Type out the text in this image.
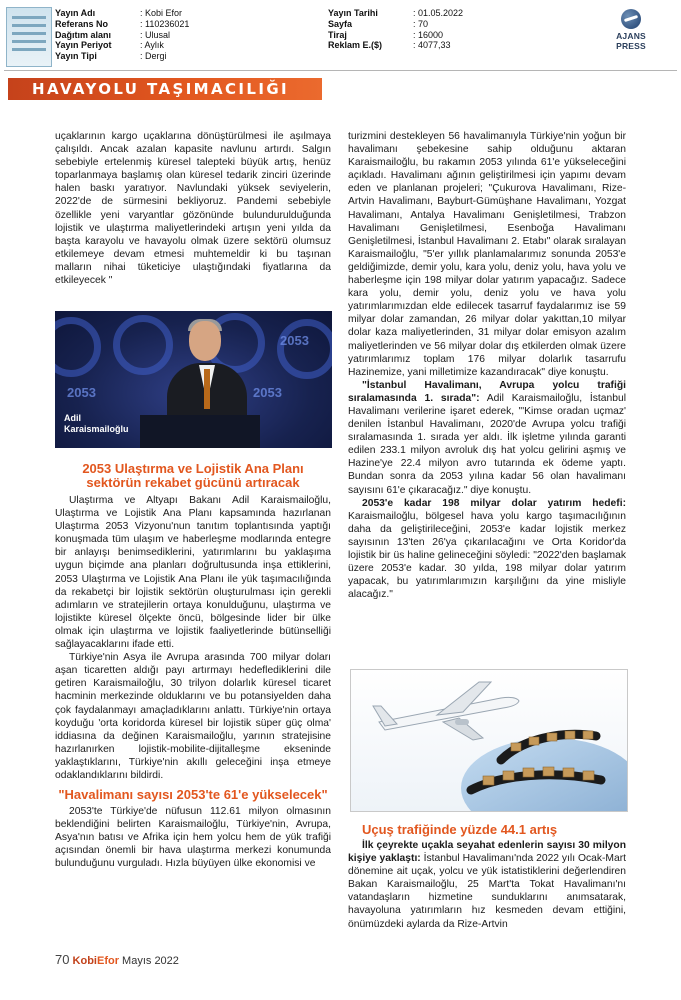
Yayın Adı	: Kobi Efor
Referans No	: 110236021
Dağıtım alanı	: Ulusal
Yayın Periyot	: Aylık
Yayın Tipi	: Dergi
Yayın Tarihi	: 01.05.2022
Sayfa	: 70
Tiraj	: 16000
Reklam E.($)	: 4077,33
AJANS PRESS
HAVAYOLU TAŞIMACILIĞI

uçaklarının kargo uçaklarına dönüştürülmesi ile aşılmaya çalışıldı. Ancak azalan kapasite navlunu artırdı. Salgın sebebiyle ertelenmiş küresel talepteki büyük artış, henüz toparlanmaya başlamış olan küresel tedarik zinciri üzerinde halen baskı yaratıyor. Navlundaki yüksek seviyelerin, 2022'de de sürmesini bekliyoruz. Pandemi sebebiyle özellikle yeni varyantlar gözönünde bulundurulduğunda lojistik ve ulaştırma maliyetlerindeki artışın yeni yılda da başta karayolu ve havayolu olmak üzere sektörü olumsuz etkilemeye devam etmesi muhtemeldir ki bu taşınan malların nihai tüketiciye ulaştığındaki fiyatlarına da etkileyecek "

2053	2053
2053
Adil
Karaismailoğlu
2053 Ulaştırma ve Lojistik Ana Planı sektörün rekabet gücünü artıracak

Ulaştırma ve Altyapı Bakanı Adil Karaismailoğlu, Ulaştırma ve Lojistik Ana Planı kapsamında hazırlanan Ulaştırma 2053 Vizyonu'nun tanıtım toplantısında yaptığı konuşmada tüm ulaşım ve haberleşme modlarında entegre bir anlayışı benimsediklerini, yatırımlarını bu yaklaşıma uygun biçimde ana planları doğrultusunda inşa ettiklerini, 2053 Ulaştırma ve Lojistik Ana Planı ile yük taşımacılığında da rekabetçi bir lojistik sektörün oluşturulması için gerekli adımların ve stratejilerin ortaya konulduğunu, ulaştırma ve lojistikte küresel ölçekte öncü, bölgesinde lider bir ülke olmak için ulaştırma ve lojistik faaliyetlerinde bütünselliği sağlayacaklarını ifade etti.

Türkiye'nin Asya ile Avrupa arasında 700 milyar doları aşan ticaretten aldığı payı artırmayı hedeflediklerini dile getiren Karaismailoğlu, 30 trilyon dolarlık küresel ticaret hacminin merkezinde olduklarını ve bu potansiyelden daha çok faydalanmayı amaçladıklarını anlattı. Türkiye'nin ortaya koyduğu 'orta koridorda küresel bir lojistik süper güç olma' iddiasına da değinen Karaismailoğlu, yarının stratejisine hazırlanırken lojistik-mobilite-dijitalleşme ekseninde yaklaştıklarını, Türkiye'nin akıllı geleceğini inşa etmeye odaklandıklarını bildirdi.

"Havalimanı sayısı 2053'te 61'e yükselecek"

2053'te Türkiye'de nüfusun 112.61 milyon olmasının beklendiğini belirten Karaismailoğlu, Türkiye'nin, Avrupa, Asya'nın batısı ve Afrika için hem yolcu hem de yük trafiği açısından önemli bir hava ulaştırma merkezi konumunda bulunduğunu vurguladı. Hızla büyüyen ülke ekonomisi ve

turizmini destekleyen 56 havalimanıyla Türkiye'nin yoğun bir havalimanı şebekesine sahip olduğunu aktaran Karaismailoğlu, bu rakamın 2053 yılında 61'e yükseleceğini açıkladı. Havalimanı ağının geliştirilmesi için yapımı devam eden ve planlanan projeleri; "Çukurova Havalimanı, Rize-Artvin Havalimanı, Bayburt-Gümüşhane Havalimanı, Yozgat Havalimanı, Antalya Havalimanı Genişletilmesi, Trabzon Havalimanı Genişletilmesi, Esenboğa Havalimanı Genişletilmesi, İstanbul Havalimanı 2. Etabı" olarak sıralayan Karaismailoğlu, "5'er yıllık planlamalarımız sonunda 2053'e geldiğimizde, demir yolu, kara yolu, deniz yolu, hava yolu ve haberleşme için 198 milyar dolar yatırım yapacağız. Sadece kara yolu, demir yolu, deniz yolu ve hava yolu yatırımlarımızdan elde edilecek tasarruf faydalarımız ise 59 milyar dolar zamandan, 26 milyar dolar yakıttan,10 milyar dolar kaza maliyetlerinden, 31 milyar dolar emisyon azalım maliyetlerinden ve 56 milyar dolar dış etkilerden olmak üzere yatırımlarımız toplam 176 milyar dolarlık tasarrufu Hazinemize, yani milletimize kazandıracak" diye konuştu.

"İstanbul Havalimanı, Avrupa yolcu trafiği sıralamasında 1. sırada": Adil Karaismailoğlu, İstanbul Havalimanı verilerine işaret ederek, "'Kimse oradan uçmaz' denilen İstanbul Havalimanı, 2020'de Avrupa yolcu trafiği sıralamasında 1. sırada yer aldı. İlk işletme yılında garanti edilen 233.1 milyon avroluk dış hat yolcu gelirini aşmış ve Hazine'ye 22.4 milyon avro tutarında ek ödeme yaptı. Bundan sonra da 2053 yılına kadar 56 olan havalimanı sayısını 61'e çıkaracağız." diye konuştu.

2053'e kadar 198 milyar dolar yatırım hedefi: Karaismailoğlu, bölgesel hava yolu kargo taşımacılığının daha da geliştirileceğini, 2053'e kadar lojistik merkez sayısının 13'ten 26'ya çıkarılacağını ve Orta Koridor'da lojistik bir üs haline gelineceğini söyledi: "2022'den başlamak üzere 2053'e kadar. 30 yılda, 198 milyar dolar yatırım yapacak, bu yatırımlarımızın karşılığını da yine misliyle alacağız."

Uçuş trafiğinde yüzde 44.1 artış

İlk çeyrekte uçakla seyahat edenlerin sayısı 30 milyon kişiye yaklaştı: İstanbul Havalimanı'nda 2022 yılı Ocak-Mart dönemine ait uçak, yolcu ve yük istatistiklerini değerlendiren Bakan Karaismailoğlu, 25 Mart'ta Tokat Havalimanı'nı vatandaşların hizmetine sunduklarını anımsatarak, havayoluna yatırımların hız kesmeden devam ettiğini, önümüzdeki aylarda da Rize-Artvin

70 KobiEfor Mayıs 2022
